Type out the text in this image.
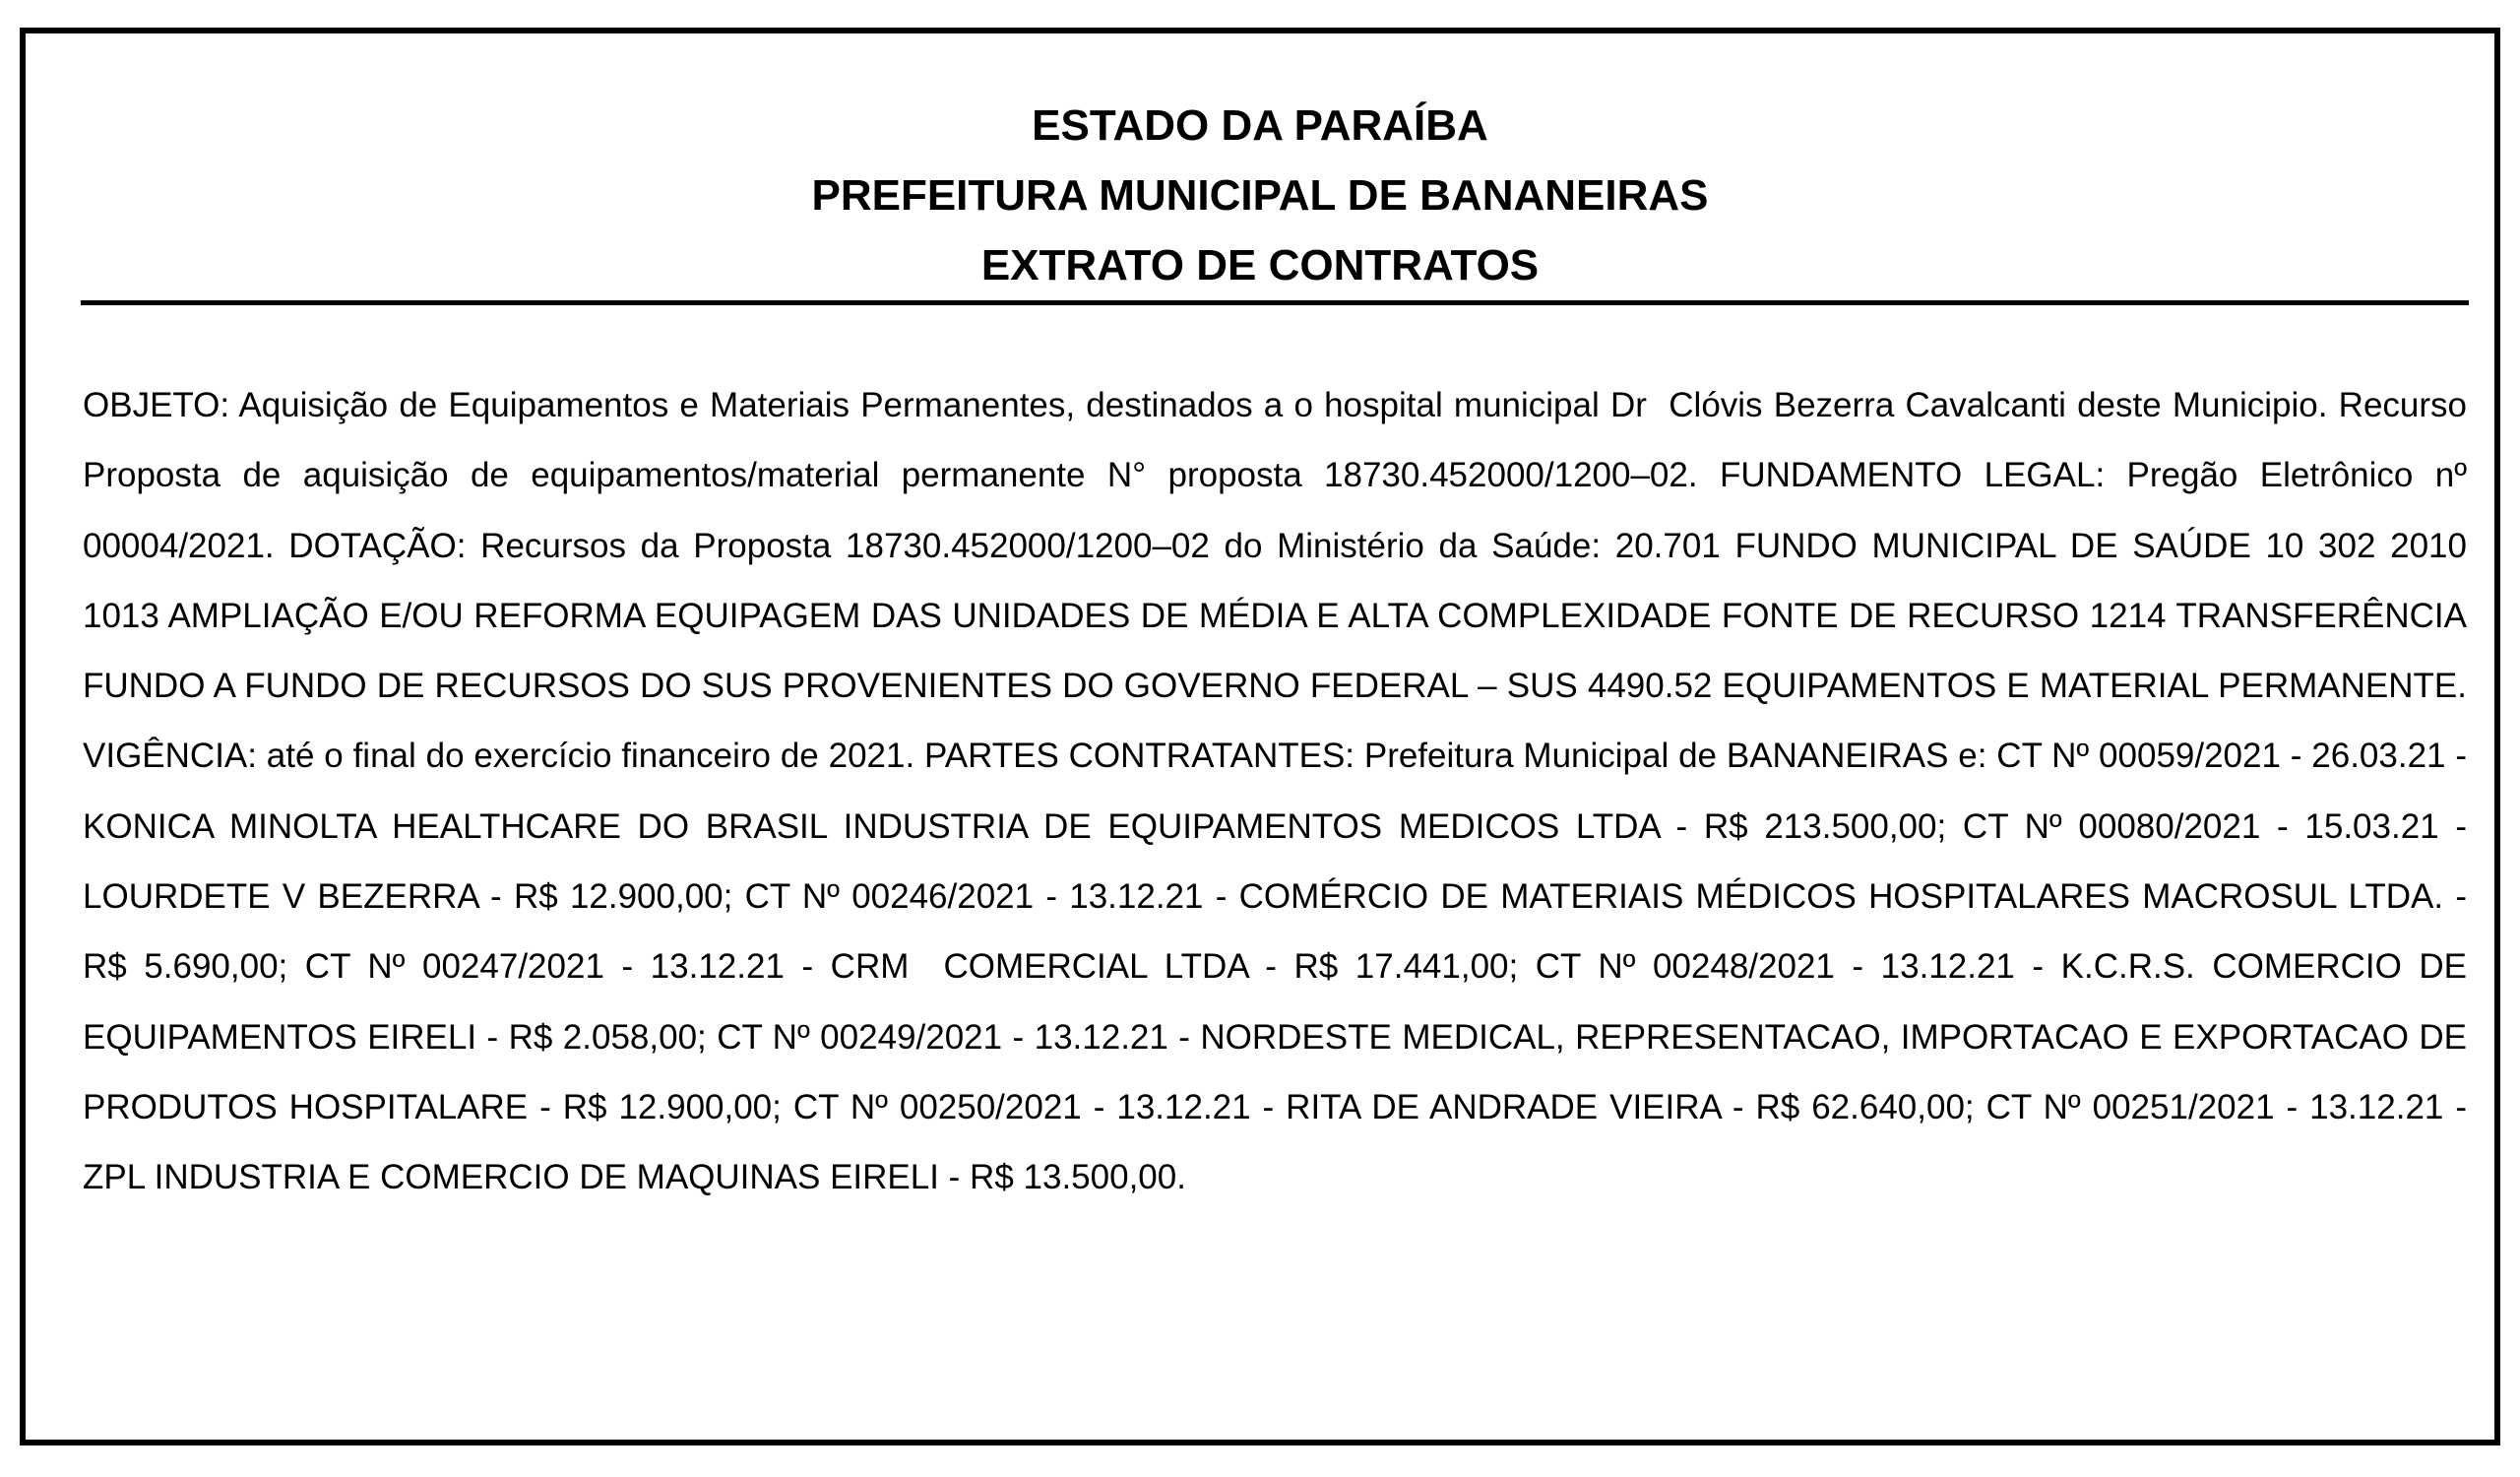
ESTADO DA PARAÍBA
PREFEITURA MUNICIPAL DE BANANEIRAS
EXTRATO DE CONTRATOS
OBJETO: Aquisição de Equipamentos e Materiais Permanentes, destinados a o hospital municipal Dr  Clóvis Bezerra Cavalcanti deste Municipio. Recurso Proposta de aquisição de equipamentos/material permanente N° proposta 18730.452000/1200–02. FUNDAMENTO LEGAL: Pregão Eletrônico nº 00004/2021. DOTAÇÃO: Recursos da Proposta 18730.452000/1200–02 do Ministério da Saúde: 20.701 FUNDO MUNICIPAL DE SAÚDE 10 302 2010 1013 AMPLIAÇÃO E/OU REFORMA EQUIPAGEM DAS UNIDADES DE MÉDIA E ALTA COMPLEXIDADE FONTE DE RECURSO 1214 TRANSFERÊNCIA FUNDO A FUNDO DE RECURSOS DO SUS PROVENIENTES DO GOVERNO FEDERAL – SUS 4490.52 EQUIPAMENTOS E MATERIAL PERMANENTE. VIGÊNCIA: até o final do exercício financeiro de 2021. PARTES CONTRATANTES: Prefeitura Municipal de BANANEIRAS e: CT Nº 00059/2021 - 26.03.21 - KONICA MINOLTA HEALTHCARE DO BRASIL INDUSTRIA DE EQUIPAMENTOS MEDICOS LTDA - R$ 213.500,00; CT Nº 00080/2021 - 15.03.21 - LOURDETE V BEZERRA - R$ 12.900,00; CT Nº 00246/2021 - 13.12.21 - COMÉRCIO DE MATERIAIS MÉDICOS HOSPITALARES MACROSUL LTDA. - R$ 5.690,00; CT Nº 00247/2021 - 13.12.21 - CRM  COMERCIAL LTDA - R$ 17.441,00; CT Nº 00248/2021 - 13.12.21 - K.C.R.S. COMERCIO DE EQUIPAMENTOS EIRELI - R$ 2.058,00; CT Nº 00249/2021 - 13.12.21 - NORDESTE MEDICAL, REPRESENTACAO, IMPORTACAO E EXPORTACAO DE PRODUTOS HOSPITALARE - R$ 12.900,00; CT Nº 00250/2021 - 13.12.21 - RITA DE ANDRADE VIEIRA - R$ 62.640,00; CT Nº 00251/2021 - 13.12.21 - ZPL INDUSTRIA E COMERCIO DE MAQUINAS EIRELI - R$ 13.500,00.
